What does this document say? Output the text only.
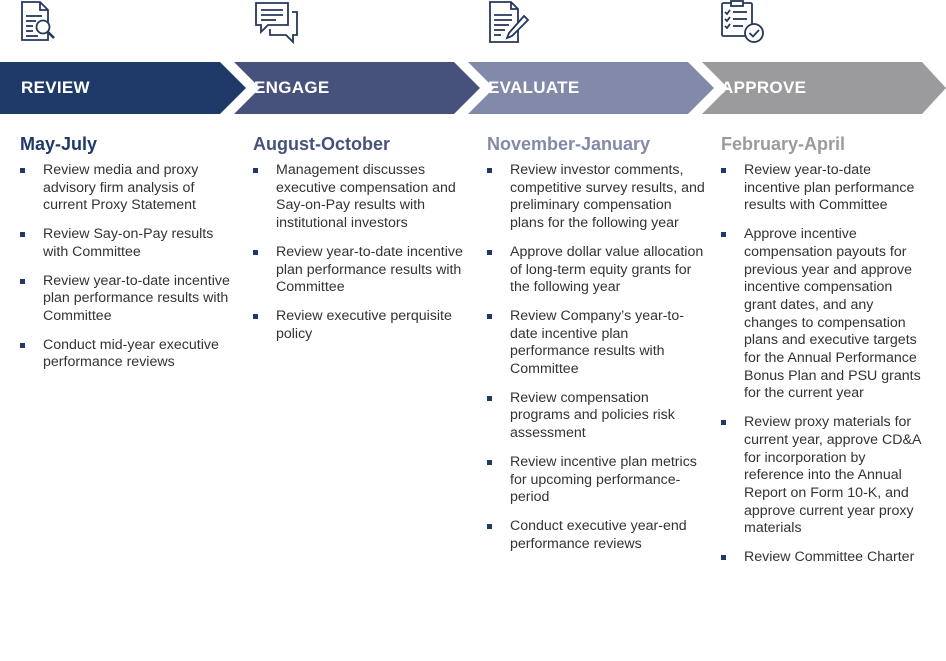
REVIEW	ENGAGE	EVALUATE	APPROVE
May-July
Review media and proxy advisory firm analysis of current Proxy Statement
Review Say-on-Pay results with Committee
Review year-to-date incentive plan performance results with Committee
Conduct mid-year executive performance reviews
August-October
Management discusses executive compensation and Say-on-Pay results with institutional investors
Review year-to-date incentive plan performance results with Committee
Review executive perquisite policy
November-January
Review investor comments, competitive survey results, and preliminary compensation plans for the following year
Approve dollar value allocation of long-term equity grants for the following year
Review Company’s year-to-date incentive plan performance results with Committee
Review compensation programs and policies risk assessment
Review incentive plan metrics for upcoming performance- period
Conduct executive year-end performance reviews
February-April
Review year-to-date incentive plan performance results with Committee
Approve incentive compensation payouts for previous year and approve incentive compensation grant dates, and any changes to compensation plans and executive targets for the Annual Performance Bonus Plan and PSU grants for the current year
Review proxy materials for current year, approve CD&A for incorporation by reference into the Annual Report on Form 10-K, and approve current year proxy materials
Review Committee Charter
